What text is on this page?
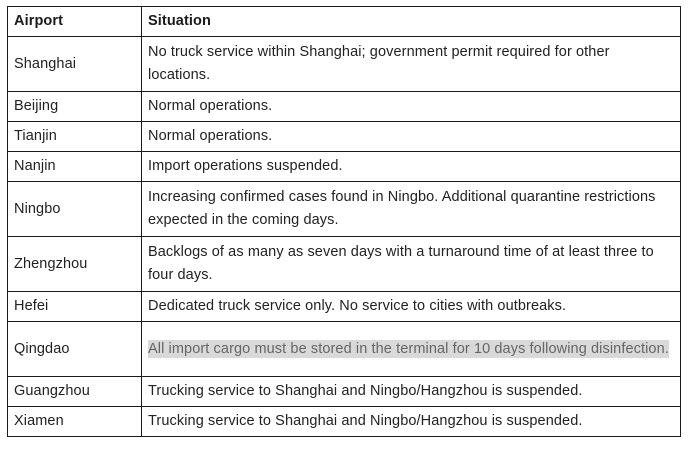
Airport	Situation
Shanghai	No truck service within Shanghai; government permit required for other locations.
Beijing	Normal operations.
Tianjin	Normal operations.
Nanjin	Import operations suspended.
Ningbo	Increasing confirmed cases found in Ningbo. Additional quarantine restrictions expected in the coming days.
Zhengzhou	Backlogs of as many as seven days with a turnaround time of at least three to four days.
Hefei	Dedicated truck service only. No service to cities with outbreaks.
Qingdao	All import cargo must be stored in the terminal for 10 days following disinfection.
Guangzhou	Trucking service to Shanghai and Ningbo/Hangzhou is suspended.
Xiamen	Trucking service to Shanghai and Ningbo/Hangzhou is suspended.
